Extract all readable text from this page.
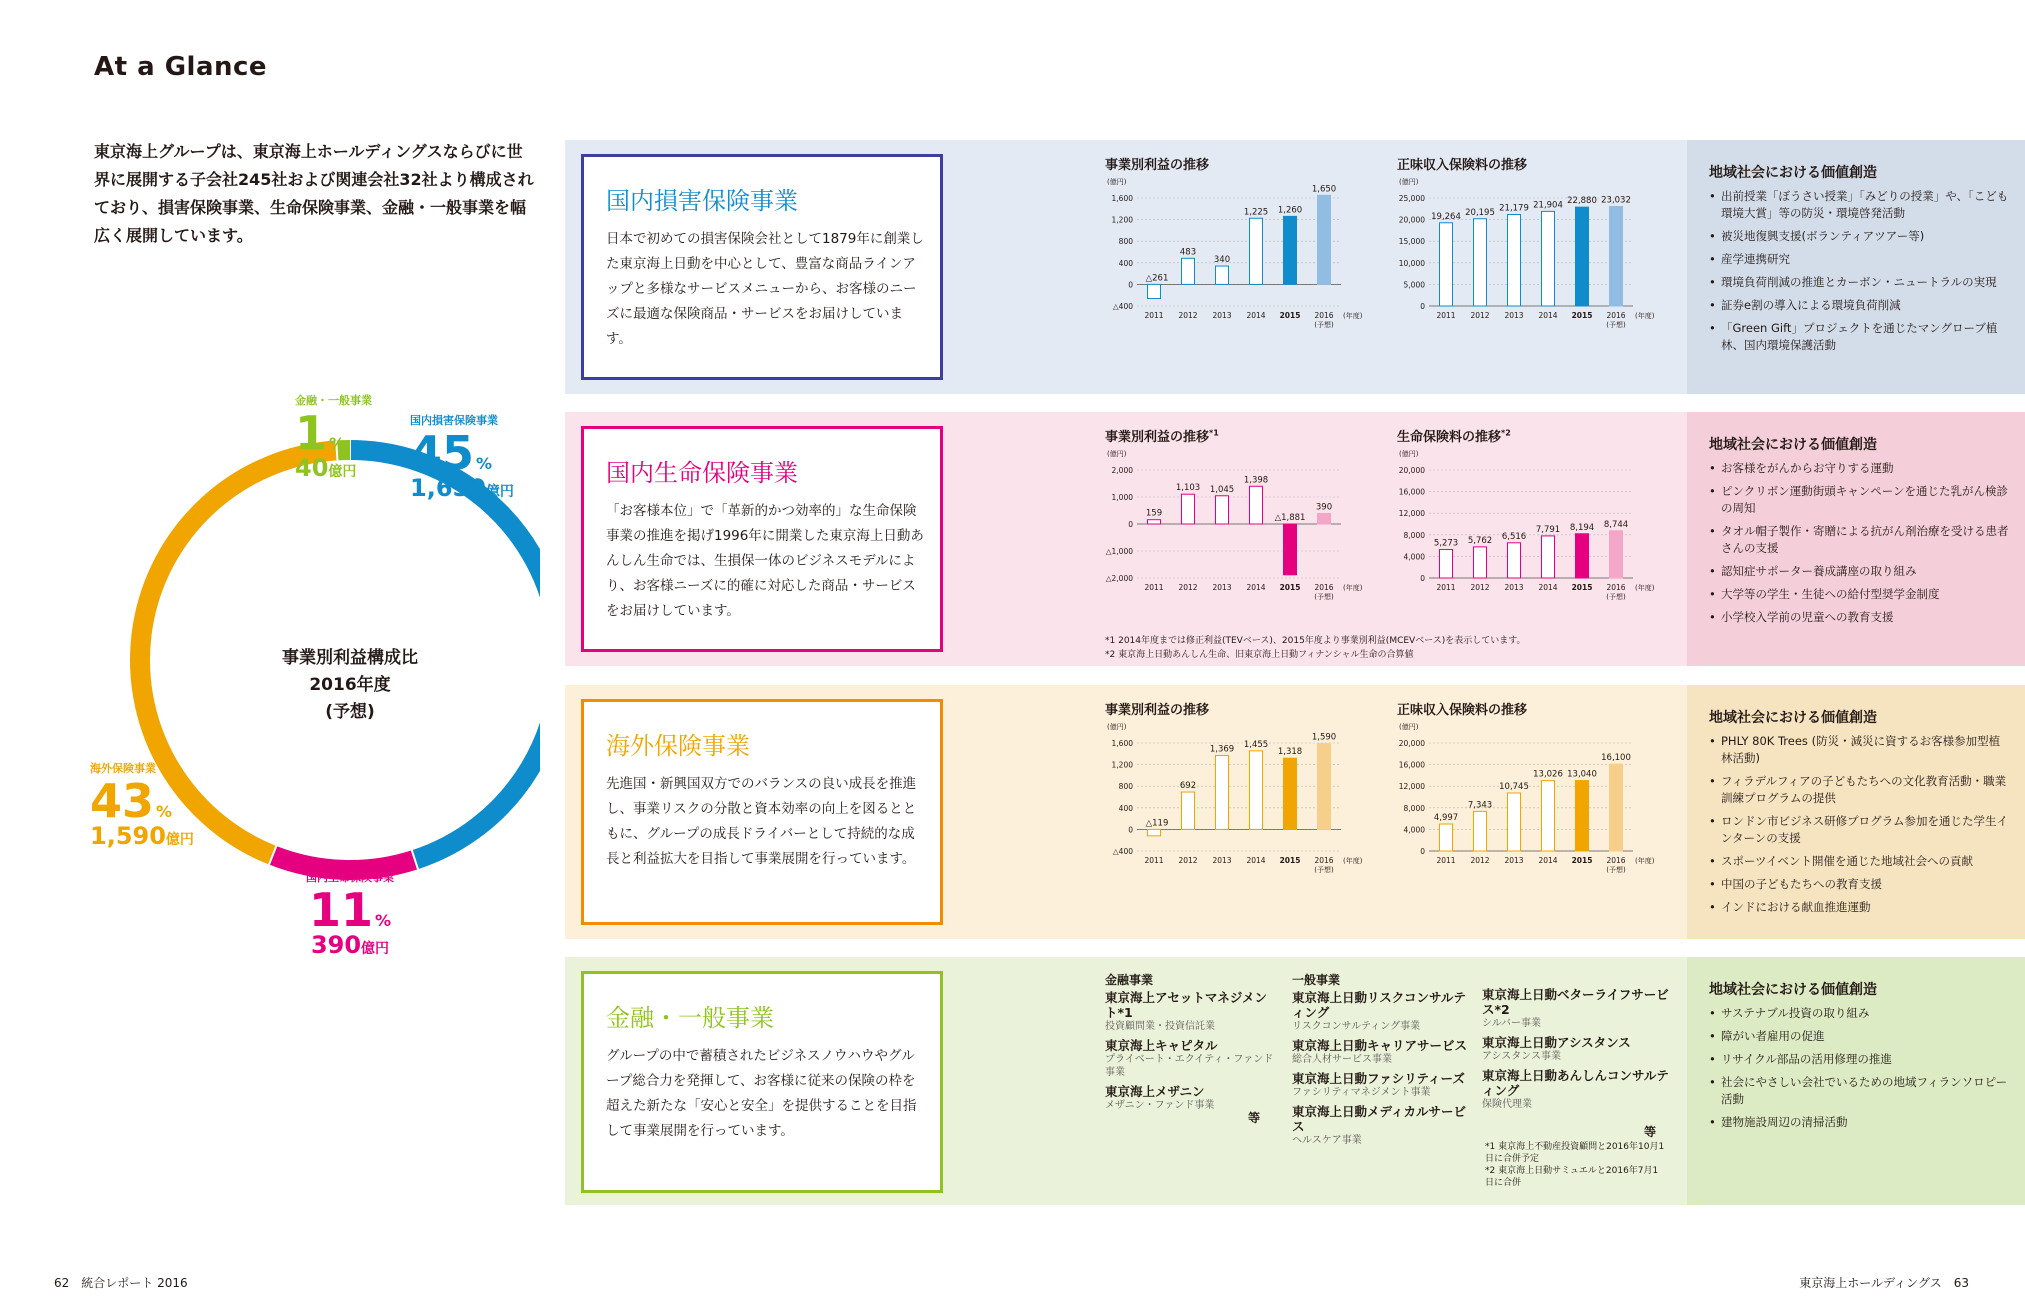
At a Glance
東京海上グループは、東京海上ホールディングスならびに世界に展開する子会社245社および関連会社32社より構成されており、損害保険事業、生命保険事業、金融・一般事業を幅広く展開しています。
事業別利益構成比
2016年度
(予想)
国内損害保険事業
45 %
1,650億円
国内生命保険事業
11 %
390億円
海外保険事業
43 %
1,590億円
金融・一般事業
1 %
40億円
国内損害保険事業
日本で初めての損害保険会社として1879年に創業した東京海上日動を中心として、豊富な商品ラインアップと多様なサービスメニューから、お客様のニーズに最適な保険商品・サービスをお届けしています。
事業別利益の推移
(億円)
1,600
1,200
800
400
0
△400
△261
2011
483
2012
340
2013
1,225
2014
1,260
2015
1,650
2016
(予想)
(年度)
正味収入保険料の推移
(億円)
25,000
20,000
15,000
10,000
5,000
0
19,264
2011
20,195
2012
21,179
2013
21,904
2014
22,880
2015
23,032
2016
(予想)
(年度)
地域社会における価値創造
• 出前授業「ぼうさい授業」「みどりの授業」や、「こども環境大賞」等の防災・環境啓発活動
• 被災地復興支援(ボランティアツアー等)
• 産学連携研究
• 環境負荷削減の推進とカーボン・ニュートラルの実現
• 証券e割の導入による環境負荷削減
• 「Green Gift」プロジェクトを通じたマングローブ植林、国内環境保護活動
国内生命保険事業
「お客様本位」で「革新的かつ効率的」な生命保険事業の推進を掲げ1996年に開業した東京海上日動あんしん生命では、生損保一体のビジネスモデルにより、お客様ニーズに的確に対応した商品・サービスをお届けしています。
事業別利益の推移$^{*1}$
(億円)
2,000
1,000
0
△1,000
△2,000
159
2011
1,103
2012
1,045
2013
1,398
2014
△1,881
2015
390
2016
(予想)
(年度)
生命保険料の推移$^{*2}$
(億円)
20,000
16,000
12,000
8,000
4,000
0
5,273
2011
5,762
2012
6,516
2013
7,791
2014
8,194
2015
8,744
2016
(予想)
(年度)
*1 2014年度までは修正利益(TEVベース)、2015年度より事業別利益(MCEVベース)を表示しています。
*2 東京海上日動あんしん生命、旧東京海上日動フィナンシャル生命の合算値
地域社会における価値創造
• お客様をがんからお守りする運動
• ピンクリボン運動街頭キャンペーンを通じた乳がん検診の周知
• タオル帽子製作・寄贈による抗がん剤治療を受ける患者さんの支援
• 認知症サポーター養成講座の取り組み
• 大学等の学生・生徒への給付型奨学金制度
• 小学校入学前の児童への教育支援
海外保険事業
先進国・新興国双方でのバランスの良い成長を推進し、事業リスクの分散と資本効率の向上を図るとともに、グループの成長ドライバーとして持続的な成長と利益拡大を目指して事業展開を行っています。
事業別利益の推移
(億円)
1,600
1,200
800
400
0
△400
△119
2011
692
2012
1,369
2013
1,455
2014
1,318
2015
1,590
2016
(予想)
(年度)
正味収入保険料の推移
(億円)
20,000
16,000
12,000
8,000
4,000
0
4,997
2011
7,343
2012
10,745
2013
13,026
2014
13,040
2015
16,100
2016
(予想)
(年度)
地域社会における価値創造
• PHLY 80K Trees (防災・減災に資するお客様参加型植林活動)
• フィラデルフィアの子どもたちへの文化教育活動・職業訓練プログラムの提供
• ロンドン市ビジネス研修プログラム参加を通じた学生インターンの支援
• スポーツイベント開催を通じた地域社会への貢献
• 中国の子どもたちへの教育支援
• インドにおける献血推進運動
金融・一般事業
グループの中で蓄積されたビジネスノウハウやグループ総合力を発揮して、お客様に従来の保険の枠を超えた新たな「安心と安全」を提供することを目指して事業展開を行っています。
金融事業
東京海上アセットマネジメント*1
投資顧問業・投資信託業
東京海上キャピタル
プライベート・エクイティ・ファンド事業
東京海上メザニン
メザニン・ファンド事業
等
一般事業
東京海上日動リスクコンサルティング
リスクコンサルティング事業
東京海上日動キャリアサービス
総合人材サービス事業
東京海上日動ファシリティーズ
ファシリティマネジメント事業
東京海上日動メディカルサービス
ヘルスケア事業
東京海上日動ベターライフサービス*2
シルバー事業
東京海上日動アシスタンス
アシスタンス事業
東京海上日動あんしんコンサルティング
保険代理業
等
*1 東京海上不動産投資顧問と2016年10月1日に合併予定
*2 東京海上日動サミュエルと2016年7月1日に合併
地域社会における価値創造
• サステナブル投資の取り組み
• 障がい者雇用の促進
• リサイクル部品の活用修理の推進
• 社会にやさしい会社でいるための地域フィランソロピー活動
• 建物施設周辺の清掃活動
62　統合レポート 2016	東京海上ホールディングス　63
